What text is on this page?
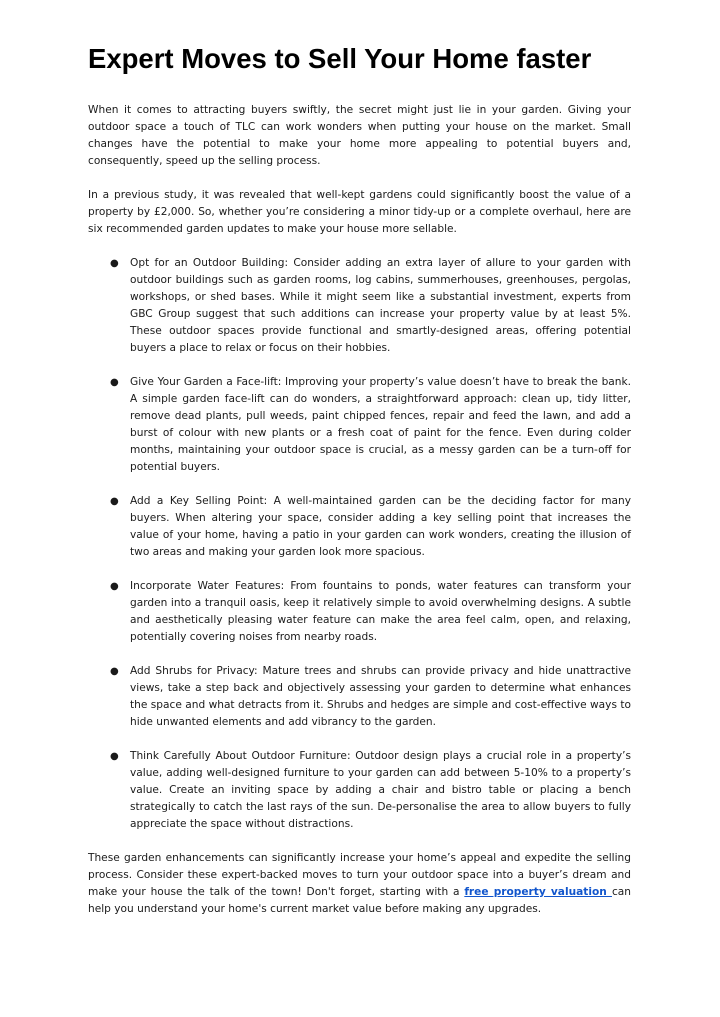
Expert Moves to Sell Your Home faster

When it comes to attracting buyers swiftly, the secret might just lie in your garden. Giving your outdoor space a touch of TLC can work wonders when putting your house on the market. Small changes have the potential to make your home more appealing to potential buyers and, consequently, speed up the selling process.

In a previous study, it was revealed that well-kept gardens could significantly boost the value of a property by £2,000. So, whether you’re considering a minor tidy-up or a complete overhaul, here are six recommended garden updates to make your house more sellable.

● Opt for an Outdoor Building: Consider adding an extra layer of allure to your garden with outdoor buildings such as garden rooms, log cabins, summerhouses, greenhouses, pergolas, workshops, or shed bases. While it might seem like a substantial investment, experts from GBC Group suggest that such additions can increase your property value by at least 5%. These outdoor spaces provide functional and smartly-designed areas, offering potential buyers a place to relax or focus on their hobbies.
● Give Your Garden a Face-lift: Improving your property’s value doesn’t have to break the bank. A simple garden face-lift can do wonders, a straightforward approach: clean up, tidy litter, remove dead plants, pull weeds, paint chipped fences, repair and feed the lawn, and add a burst of colour with new plants or a fresh coat of paint for the fence. Even during colder months, maintaining your outdoor space is crucial, as a messy garden can be a turn-off for potential buyers.
● Add a Key Selling Point: A well-maintained garden can be the deciding factor for many buyers. When altering your space, consider adding a key selling point that increases the value of your home, having a patio in your garden can work wonders, creating the illusion of two areas and making your garden look more spacious.
● Incorporate Water Features: From fountains to ponds, water features can transform your garden into a tranquil oasis, keep it relatively simple to avoid overwhelming designs. A subtle and aesthetically pleasing water feature can make the area feel calm, open, and relaxing, potentially covering noises from nearby roads.
● Add Shrubs for Privacy: Mature trees and shrubs can provide privacy and hide unattractive views, take a step back and objectively assessing your garden to determine what enhances the space and what detracts from it. Shrubs and hedges are simple and cost-effective ways to hide unwanted elements and add vibrancy to the garden.
● Think Carefully About Outdoor Furniture: Outdoor design plays a crucial role in a property’s value, adding well-designed furniture to your garden can add between 5-10% to a property’s value. Create an inviting space by adding a chair and bistro table or placing a bench strategically to catch the last rays of the sun. De-personalise the area to allow buyers to fully appreciate the space without distractions.

These garden enhancements can significantly increase your home’s appeal and expedite the selling process. Consider these expert-backed moves to turn your outdoor space into a buyer’s dream and make your house the talk of the town! Don't forget, starting with a free property valuation can help you understand your home's current market value before making any upgrades.
